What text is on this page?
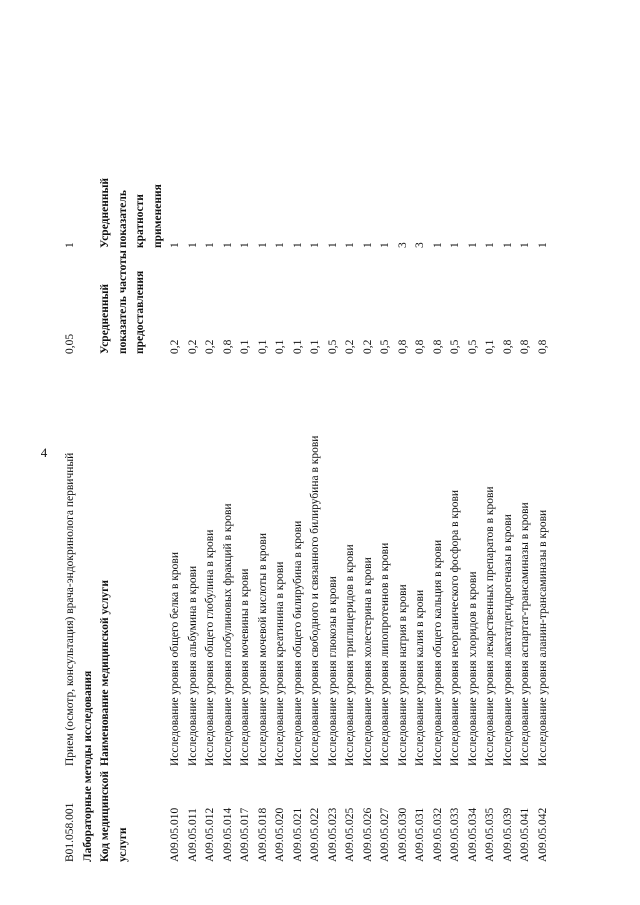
4
B01.058.001	Прием (осмотр, консультация) врача-эндокринолога первичный	0,05	1
Лабораторные методы исследования			
Код медицинской услуги	Наименование медицинской услуги	Усредненный показатель частоты предоставления	Усредненный показатель кратности применения
A09.05.010	Исследование уровня общего белка в крови	0,2	1
A09.05.011	Исследование уровня альбумина в крови	0,2	1
A09.05.012	Исследование уровня общего глобулина в крови	0,2	1
A09.05.014	Исследование уровня глобулиновых фракций в крови	0,8	1
A09.05.017	Исследование уровня мочевины в крови	0,1	1
A09.05.018	Исследование уровня мочевой кислоты в крови	0,1	1
A09.05.020	Исследование уровня креатинина в крови	0,1	1
A09.05.021	Исследование уровня общего билирубина в крови	0,1	1
A09.05.022	Исследование уровня свободного и связанного билирубина в крови	0,1	1
A09.05.023	Исследование уровня глюкозы в крови	0,5	1
A09.05.025	Исследование уровня триглицеридов в крови	0,2	1
A09.05.026	Исследование уровня холестерина в крови	0,2	1
A09.05.027	Исследование уровня липопротеинов в крови	0,5	1
A09.05.030	Исследование уровня натрия в крови	0,8	3
A09.05.031	Исследование уровня калия в крови	0,8	3
A09.05.032	Исследование уровня общего кальция в крови	0,8	1
A09.05.033	Исследование уровня неорганического фосфора в крови	0,5	1
A09.05.034	Исследование уровня хлоридов в крови	0,5	1
A09.05.035	Исследование уровня лекарственных препаратов в крови	0,1	1
A09.05.039	Исследование уровня лактатдегидрогеназы в крови	0,8	1
A09.05.041	Исследование уровня аспартат-трансаминазы в крови	0,8	1
A09.05.042	Исследование уровня аланин-трансаминазы в крови	0,8	1
